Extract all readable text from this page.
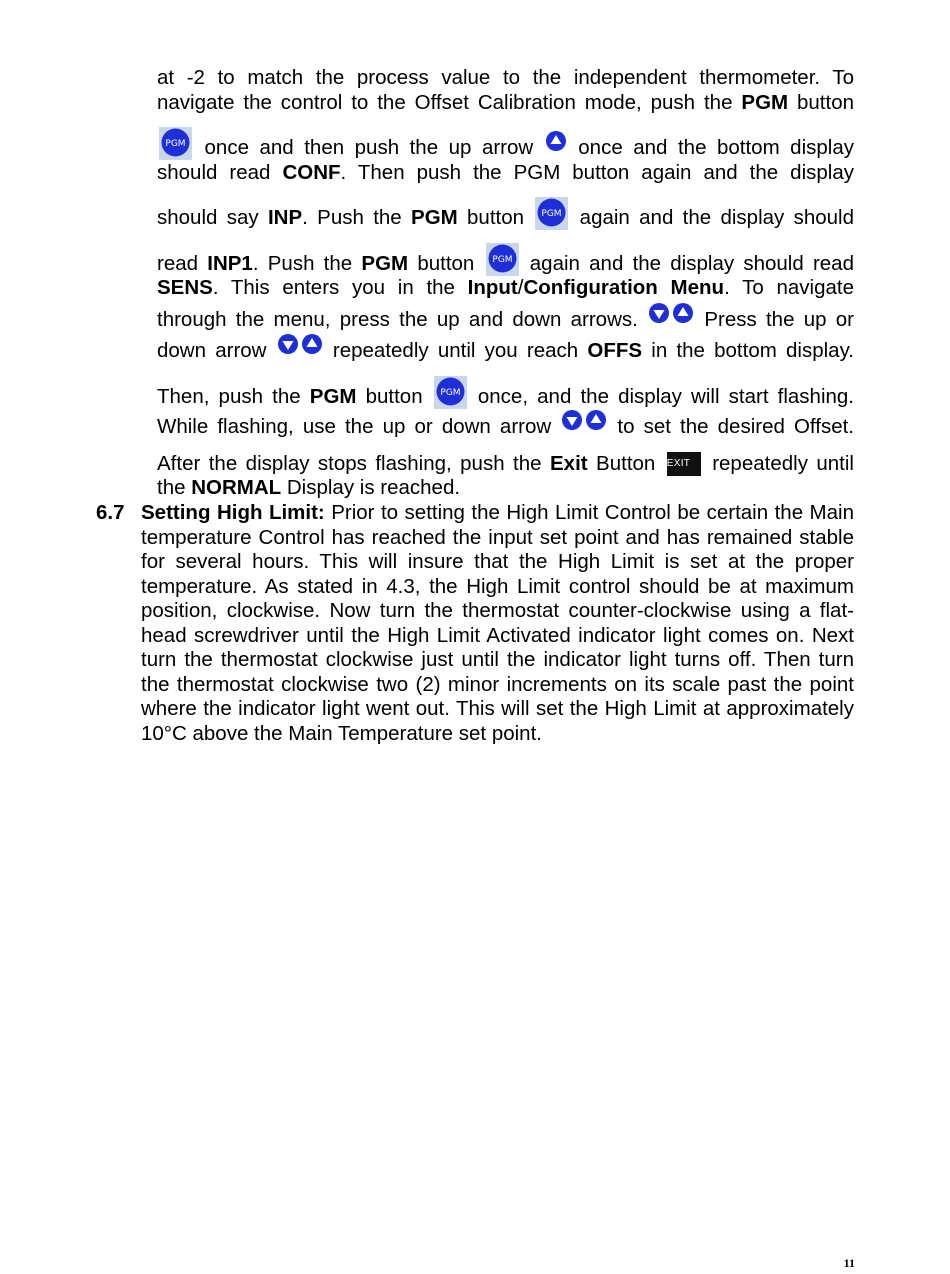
at -2 to match the process value to the independent thermometer. To
navigate the control to the Offset Calibration mode, push the PGM button
PGM once and then push the up arrow  once and the bottom display
should read CONF. Then push the PGM button again and the display
should say INP. Push the PGM button PGM again and the display should
read INP1. Push the PGM button PGM again and the display should read
SENS. This enters you in the Input/Configuration Menu. To navigate
through the menu, press the up and down arrows.  Press the up or
down arrow  repeatedly until you reach OFFS in the bottom display.
Then, push the PGM button PGM once, and the display will start flashing.
While flashing, use the up or down arrow  to set the desired Offset.
After the display stops flashing, push the Exit Button EXIT repeatedly until
the NORMAL Display is reached.
6.7 Setting High Limit: Prior to setting the High Limit Control be certain the Main temperature Control has reached the input set point and has remained stable for several hours. This will insure that the High Limit is set at the proper temperature. As stated in 4.3, the High Limit control should be at maximum position, clockwise. Now turn the thermostat counter-clockwise using a flat-head screwdriver until the High Limit Activated indicator light comes on. Next turn the thermostat clockwise just until the indicator light turns off. Then turn the thermostat clockwise two (2) minor increments on its scale past the point where the indicator light went out. This will set the High Limit at approximately 10°C above the Main Temperature set point.
11
